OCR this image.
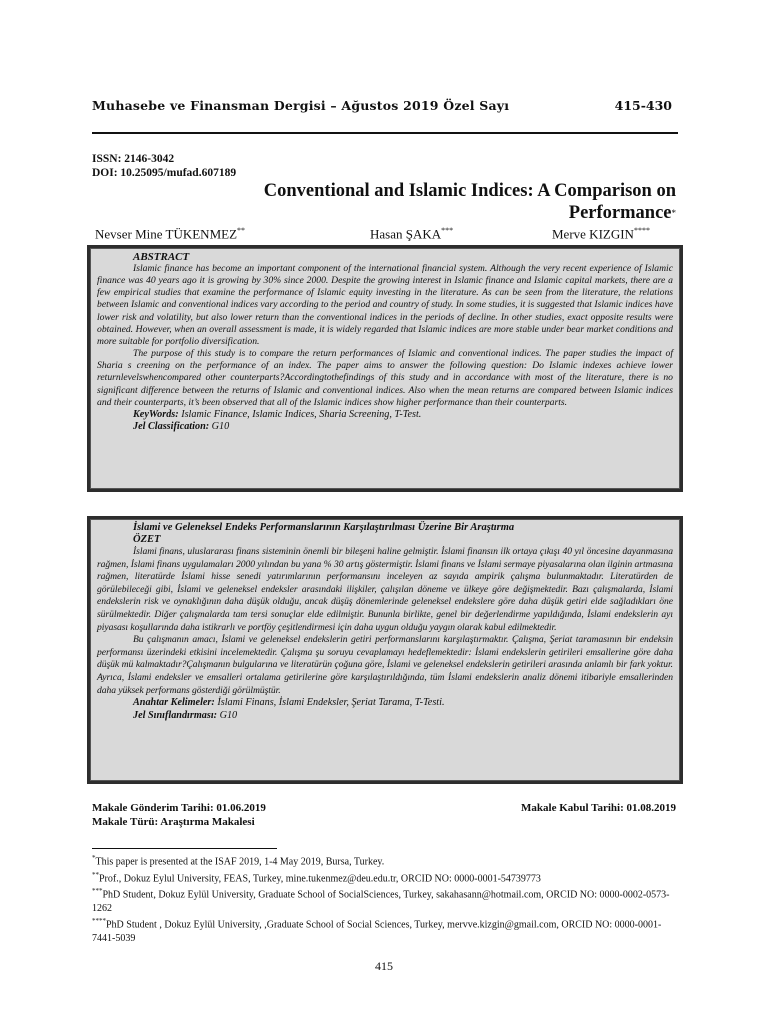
Muhasebe ve Finansman Dergisi – Ağustos 2019 Özel Sayı	415-430
ISSN: 2146-3042
DOI: 10.25095/mufad.607189
Conventional and Islamic Indices: A Comparison on
Performance*
Nevser Mine TÜKENMEZ**	Hasan ŞAKA***	Merve KIZGIN****
ABSTRACT

Islamic finance has become an important component of the international financial system. Although the very recent experience of Islamic finance was 40 years ago it is growing by 30% since 2000. Despite the growing interest in Islamic finance and Islamic capital markets, there are a few empirical studies that examine the performance of Islamic equity investing in the literature. As can be seen from the literature, the relations between Islamic and conventional indices vary according to the period and country of study. In some studies, it is suggested that Islamic indices have lower risk and volatility, but also lower return than the conventional indices in the periods of decline. In other studies, exact opposite results were obtained. However, when an overall assessment is made, it is widely regarded that Islamic indices are more stable under bear market conditions and more suitable for portfolio diversification.

The purpose of this study is to compare the return performances of Islamic and conventional indices. The paper studies the impact of Sharia s creening on the performance of an index. The paper aims to answer the following question: Do Islamic indexes achieve lower returnlevelswhencompared other counterparts?Accordingtothefindings of this study and in accordance with most of the literature, there is no significant difference between the returns of Islamic and conventional indices. Also when the mean returns are compared between Islamic indices and their counterparts, it’s been observed that all of the Islamic indices show higher performance than their counterparts.

KeyWords: Islamic Finance, Islamic Indices, Sharia Screening, T-Test.
Jel Classification: G10
İslami ve Geleneksel Endeks Performanslarının Karşılaştırılması Üzerine Bir Araştırma
ÖZET

İslami finans, uluslararası finans sisteminin önemli bir bileşeni haline gelmiştir. İslami finansın ilk ortaya çıkışı 40 yıl öncesine dayanmasına rağmen, İslami finans uygulamaları 2000 yılından bu yana % 30 artış göstermiştir. İslami finans ve İslami sermaye piyasalarına olan ilginin artmasına rağmen, literatürde İslami hisse senedi yatırımlarının performansını inceleyen az sayıda ampirik çalışma bulunmaktadır. Literatürden de görülebileceği gibi, İslami ve geleneksel endeksler arasındaki ilişkiler, çalışılan döneme ve ülkeye göre değişmektedir. Bazı çalışmalarda, İslami endekslerin risk ve oynaklığının daha düşük olduğu, ancak düşüş dönemlerinde geleneksel endekslere göre daha düşük getiri elde sağladıkları öne sürülmektedir. Diğer çalışmalarda tam tersi sonuçlar elde edilmiştir. Bununla birlikte, genel bir değerlendirme yapıldığında, İslami endekslerin ayı piyasası koşullarında daha istikrarlı ve portföy çeşitlendirmesi için daha uygun olduğu yaygın olarak kabul edilmektedir.

Bu çalışmanın amacı, İslami ve geleneksel endekslerin getiri performanslarını karşılaştırmaktır. Çalışma, Şeriat taramasının bir endeksin performansı üzerindeki etkisini incelemektedir. Çalışma şu soruyu cevaplamayı hedeflemektedir: İslami endekslerin getirileri emsallerine göre daha düşük mü kalmaktadır?Çalışmanın bulgularına ve literatürün çoğuna göre, İslami ve geleneksel endekslerin getirileri arasında anlamlı bir fark yoktur. Ayrıca, İslami endeksler ve emsalleri ortalama getirilerine göre karşılaştırıldığında, tüm İslami endekslerin analiz dönemi itibariyle emsallerinden daha yüksek performans gösterdiği görülmüştür.

Anahtar Kelimeler: İslami Finans, İslami Endeksler, Şeriat Tarama, T-Testi.
Jel Sınıflandırması: G10
Makale Gönderim Tarihi: 01.06.2019	Makale Kabul Tarihi: 01.08.2019
Makale Türü: Araştırma Makalesi

*This paper is presented at the ISAF 2019, 1-4 May 2019, Bursa, Turkey.

**Prof., Dokuz Eylul University, FEAS, Turkey, mine.tukenmez@deu.edu.tr, ORCID NO: 0000-0001-54739773

***PhD Student, Dokuz Eylül University, Graduate School of SocialSciences, Turkey, sakahasann@hotmail.com, ORCID NO: 0000-0002-0573-1262

****PhD Student , Dokuz Eylül University, ,Graduate School of Social Sciences, Turkey, mervve.kizgin@gmail.com, ORCID NO: 0000-0001-7441-5039

415
